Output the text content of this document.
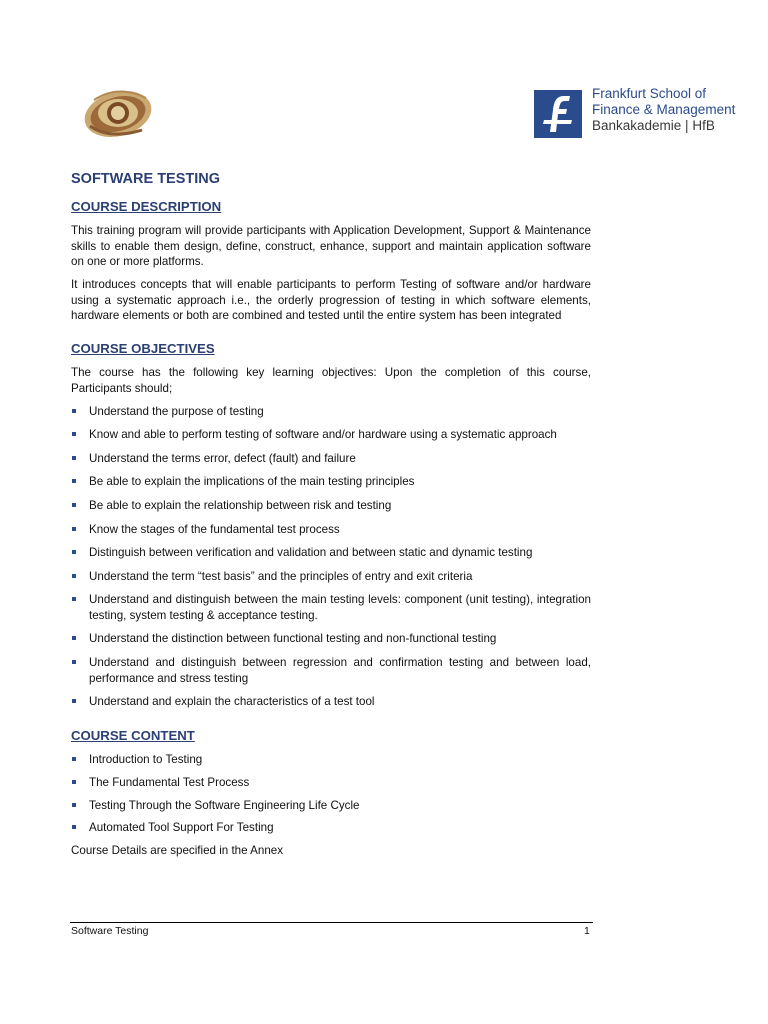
Frankfurt School of
Finance & Management
Bankakademie | HfB
SOFTWARE TESTING
COURSE DESCRIPTION

This training program will provide participants with Application Development, Support & Maintenance skills to enable them design, define, construct, enhance, support and maintain application software on one or more platforms.

It introduces concepts that will enable participants to perform Testing of software and/or hardware using a systematic approach i.e., the orderly progression of testing in which software elements, hardware elements or both are combined and tested until the entire system has been integrated

COURSE OBJECTIVES

The course has the following key learning objectives: Upon the completion of this course, Participants should;

Understand the purpose of testing
Know and able to perform testing of software and/or hardware using a systematic approach
Understand the terms error, defect (fault) and failure
Be able to explain the implications of the main testing principles
Be able to explain the relationship between risk and testing
Know the stages of the fundamental test process
Distinguish between verification and validation and between static and dynamic testing
Understand the term “test basis” and the principles of entry and exit criteria
Understand and distinguish between the main testing levels: component (unit testing), integration testing, system testing & acceptance testing.
Understand the distinction between functional testing and non-functional testing
Understand and distinguish between regression and confirmation testing and between load, performance and stress testing
Understand and explain the characteristics of a test tool
COURSE CONTENT
Introduction to Testing
The Fundamental Test Process
Testing Through the Software Engineering Life Cycle
Automated Tool Support For Testing

Course Details are specified in the Annex

Software Testing	1
